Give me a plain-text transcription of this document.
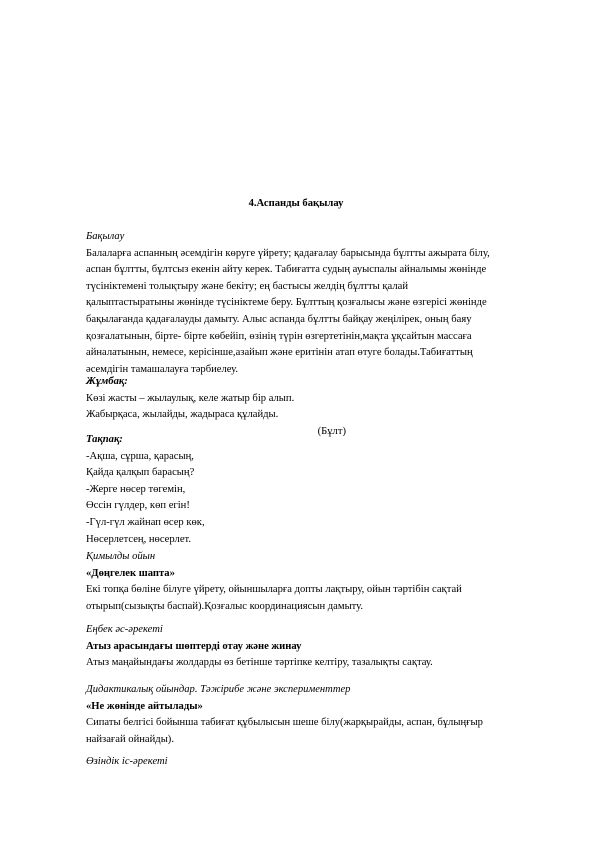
4.Аспанды бақылау
Бақылау
Балаларға аспанның әсемдігін көруге үйрету; қадағалау барысында бұлтты ажырата білу,
аспан бұлтты, бұлтсыз екенін айту керек. Табиғатта судың ауыспалы айналымы жөнінде
түсініктемені толықтыру және бекіту; ең бастысы желдің бұлтты қалай
қалыптастыратыны жөнінде түсініктеме беру. Бұлттың қозғалысы және өзгерісі жөнінде
бақылағанда қадағалауды дамыту. Алыс аспанда бұлтты байқау жеңілірек, оның баяу
қозғалатынын, бірте- бірте көбейіп, өзінің түрін өзгертетінін,мақта ұқсайтын массаға
айналатынын, немесе, керісінше,азайып және еритінін атап өтуге болады.Табиғаттың
әсемдігін тамашалауға тәрбиелеу.
Жұмбақ:
Көзі жасты – жылаулық, келе жатыр бір алып.
Жабырқаса, жылайды, жадыраса құлайды.
(Бұлт)
Тақпақ:
-Ақша, сұршa, қарасың,
Қайда қалқып барасың?
-Жерге нөсер төгемін,
Өссін гүлдер, көп егін!
-Гүл-гүл жайнап өсер көк,
Нөсерлетсең, нөсерлет.
Қимылды ойын
«Дөңгелек шапта»
Екі топқа бөліне білуге үйрету, ойыншыларға допты лақтыру, ойын тәртібін сақтай
отырып(сызықты баспай).Қозғалыс координациясын дамыту.
Еңбек әс-әрекеті
Атыз арасындағы шөптерді отау және жинау
Атыз маңайындағы жолдарды өз бетінше тәртіпке келтіру, тазалықты сақтау.
Дидактикалық ойындар. Тәжірибе және эксперименттер
«Не жөнінде айтылады»
Сипаты белгісі бойынша табиғат құбылысын шеше білу(жарқырайды, аспан, бұлыңғыр
найзағай ойнайды).
Өзіндік іс-әрекеті
